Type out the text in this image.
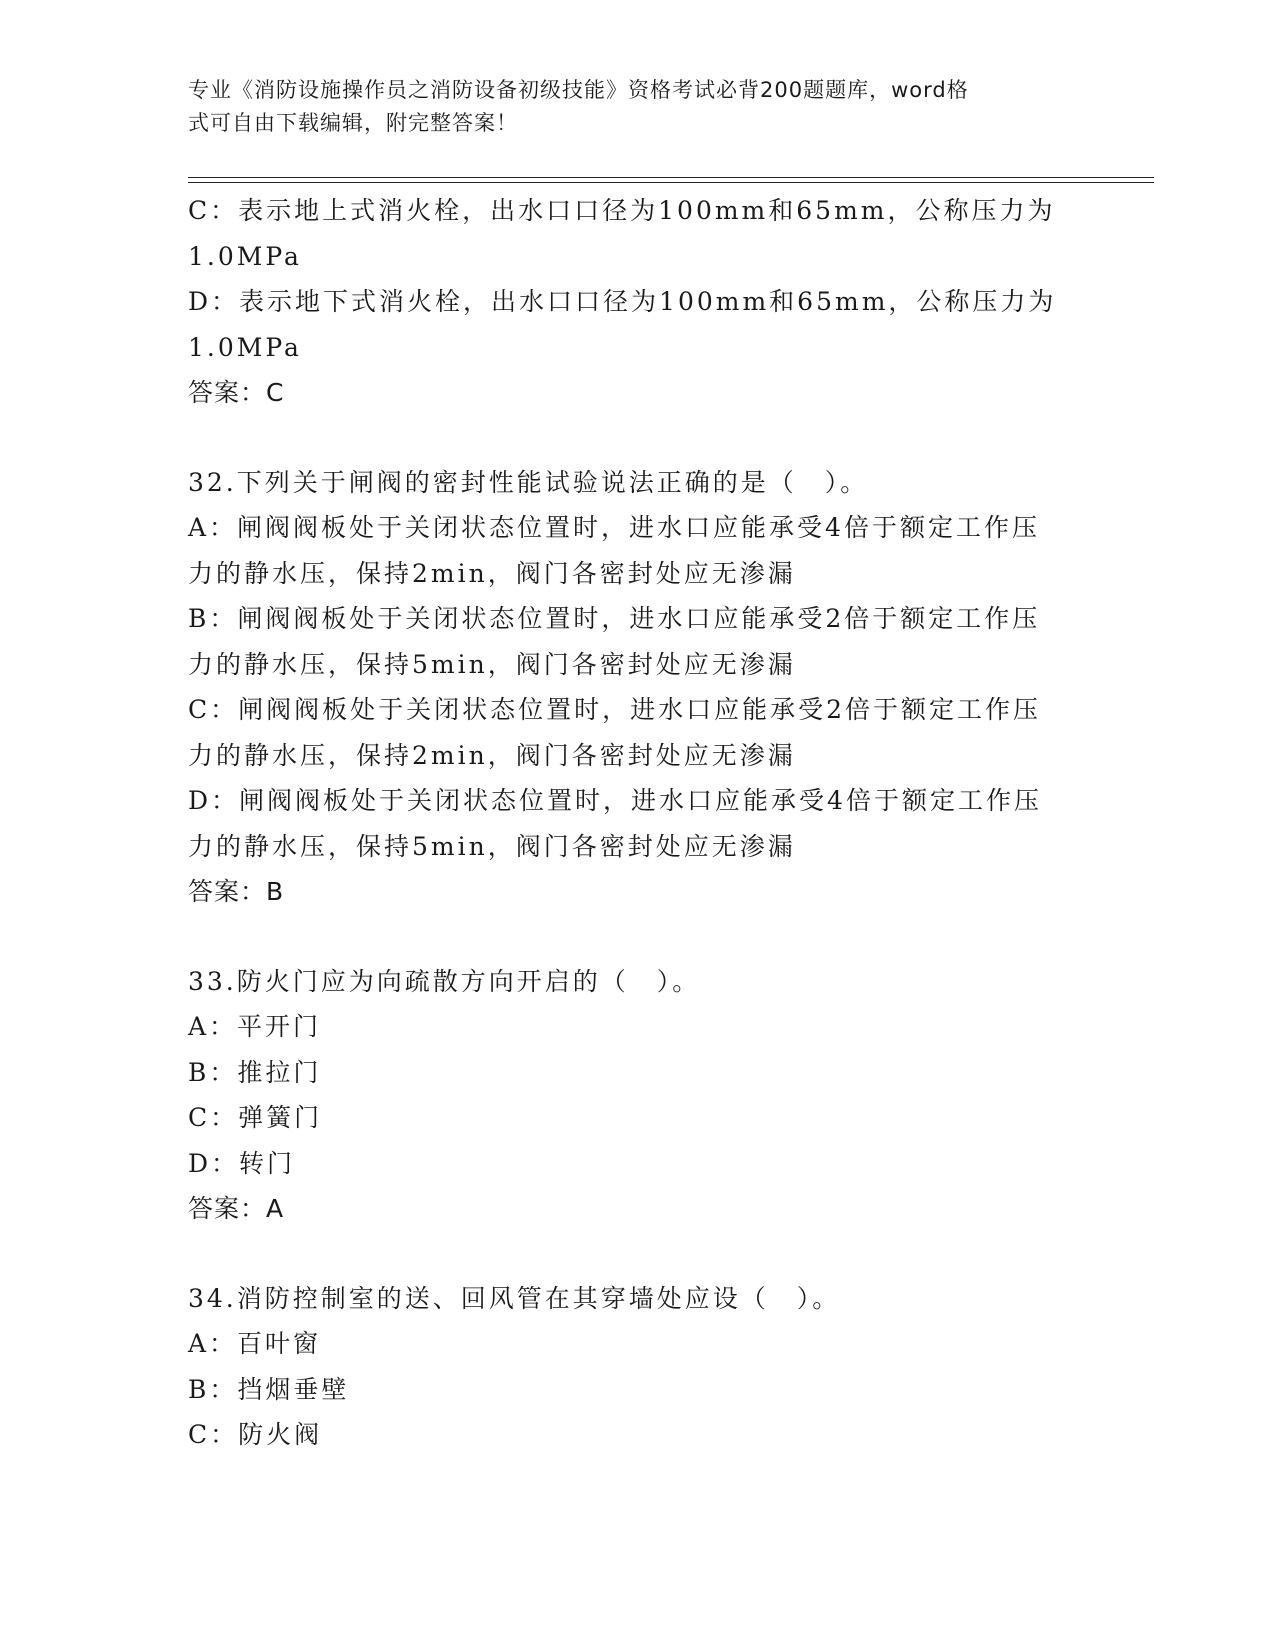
专业《消防设施操作员之消防设备初级技能》资格考试必背200题题库，word格
式可自由下载编辑，附完整答案！
C：表示地上式消火栓，出水口口径为100mm和65mm，公称压力为
1.0MPa
D：表示地下式消火栓，出水口口径为100mm和65mm，公称压力为
1.0MPa
答案：C
32.下列关于闸阀的密封性能试验说法正确的是（　）。
A：闸阀阀板处于关闭状态位置时，进水口应能承受4倍于额定工作压
力的静水压，保持2min，阀门各密封处应无渗漏
B：闸阀阀板处于关闭状态位置时，进水口应能承受2倍于额定工作压
力的静水压，保持5min，阀门各密封处应无渗漏
C：闸阀阀板处于关闭状态位置时，进水口应能承受2倍于额定工作压
力的静水压，保持2min，阀门各密封处应无渗漏
D：闸阀阀板处于关闭状态位置时，进水口应能承受4倍于额定工作压
力的静水压，保持5min，阀门各密封处应无渗漏
答案：B
33.防火门应为向疏散方向开启的（　）。
A：平开门
B：推拉门
C：弹簧门
D：转门
答案：A
34.消防控制室的送、回风管在其穿墙处应设（　）。
A：百叶窗
B：挡烟垂壁
C：防火阀
